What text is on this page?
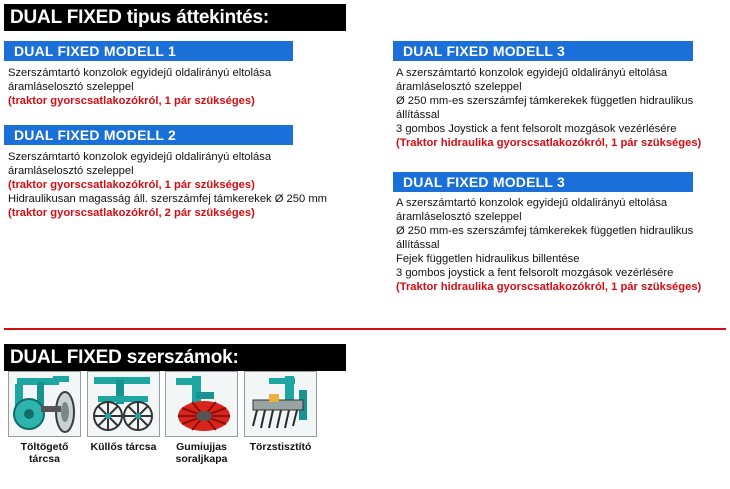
DUAL FIXED tipus áttekintés:
DUAL FIXED MODELL 1
Szerszámtartó konzolok egyidejű oldalirányú eltolása
áramláselosztó szeleppel
(traktor gyorscsatlakozókról, 1 pár szükséges)
DUAL FIXED MODELL 2
Szerszámtartó konzolok egyidejű oldalirányú eltolása
áramláselosztó szeleppel
(traktor gyorscsatlakozókról, 1 pár szükséges)
Hidraulikusan magasság áll. szerszámfej támkerekek Ø 250 mm
(traktor gyorscsatlakozókról, 2 pár szükséges)
DUAL FIXED MODELL 3
A szerszámtartó konzolok egyidejű oldalirányú eltolása
áramláselosztó szeleppel
Ø 250 mm-es szerszámfej támkerekek független hidraulikus
állítással
3 gombos Joystick a fent felsorolt mozgások vezérlésére
(Traktor hidraulika gyorscsatlakozókról, 1 pár szükséges)
DUAL FIXED MODELL 3
A szerszámtartó konzolok egyidejű oldalirányú eltolása
áramláselosztó szeleppel
Ø 250 mm-es szerszámfej támkerekek független hidraulikus
állítással
Fejek független hidraulikus billentése
3 gombos joystick a fent felsorolt mozgások vezérlésére
(Traktor hidraulika gyorscsatlakozókról, 1 pár szükséges)
DUAL FIXED szerszámok:
Töltögető tárcsa
Küllős tárcsa	Gumiujjas soraljkapa
Törzstisztító
